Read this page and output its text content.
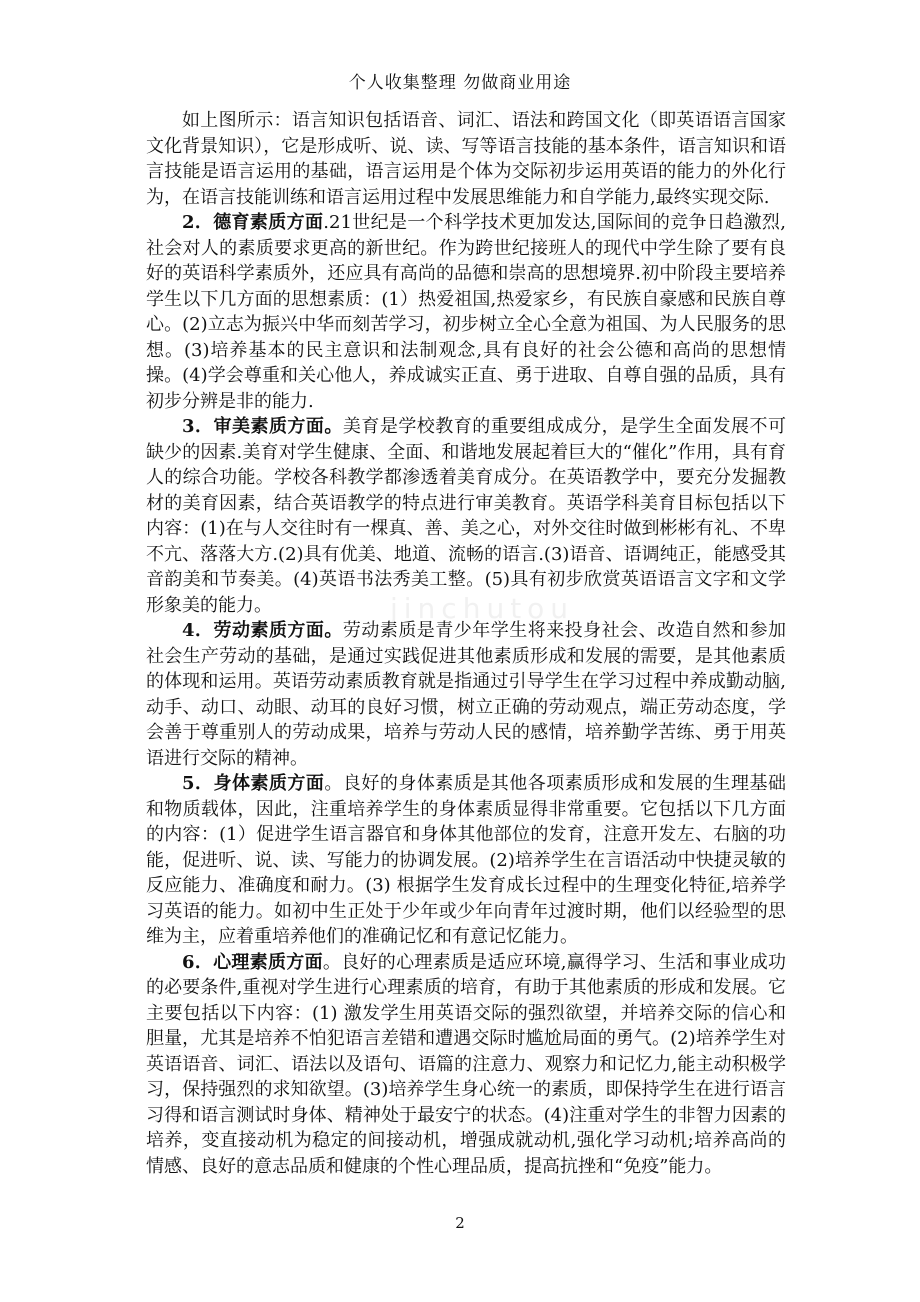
个人收集整理 勿做商业用途
jinchutou

如上图所示：语言知识包括语音、词汇、语法和跨国文化（即英语语言国家文化背景知识），它是形成听、说、读、写等语言技能的基本条件，语言知识和语言技能是语言运用的基础，语言运用是个体为交际初步运用英语的能力的外化行为，在语言技能训练和语言运用过程中发展思维能力和自学能力,最终实现交际.

2．德育素质方面.21世纪是一个科学技术更加发达,国际间的竞争日趋激烈,社会对人的素质要求更高的新世纪。作为跨世纪接班人的现代中学生除了要有良好的英语科学素质外，还应具有高尚的品德和崇高的思想境界.初中阶段主要培养学生以下几方面的思想素质：(1）热爱祖国,热爱家乡，有民族自豪感和民族自尊心。(2)立志为振兴中华而刻苦学习，初步树立全心全意为祖国、为人民服务的思想。(3)培养基本的民主意识和法制观念,具有良好的社会公德和高尚的思想情操。(4)学会尊重和关心他人，养成诚实正直、勇于进取、自尊自强的品质，具有初步分辨是非的能力.

3．审美素质方面。美育是学校教育的重要组成成分，是学生全面发展不可缺少的因素.美育对学生健康、全面、和谐地发展起着巨大的“催化”作用，具有育人的综合功能。学校各科教学都渗透着美育成分。在英语教学中，要充分发掘教材的美育因素，结合英语教学的特点进行审美教育。英语学科美育目标包括以下内容：(1)在与人交往时有一棵真、善、美之心，对外交往时做到彬彬有礼、不卑不亢、落落大方.(2)具有优美、地道、流畅的语言.(3)语音、语调纯正，能感受其音韵美和节奏美。(4)英语书法秀美工整。(5)具有初步欣赏英语语言文字和文学形象美的能力。

4．劳动素质方面。劳动素质是青少年学生将来投身社会、改造自然和参加社会生产劳动的基础，是通过实践促进其他素质形成和发展的需要，是其他素质的体现和运用。英语劳动素质教育就是指通过引导学生在学习过程中养成勤动脑,动手、动口、动眼、动耳的良好习惯，树立正确的劳动观点，端正劳动态度，学会善于尊重别人的劳动成果，培养与劳动人民的感情，培养勤学苦练、勇于用英语进行交际的精神。

5．身体素质方面。良好的身体素质是其他各项素质形成和发展的生理基础和物质载体，因此，注重培养学生的身体素质显得非常重要。它包括以下几方面的内容：(1）促进学生语言器官和身体其他部位的发育，注意开发左、右脑的功能，促进听、说、读、写能力的协调发展。(2)培养学生在言语活动中快捷灵敏的反应能力、准确度和耐力。(3) 根据学生发育成长过程中的生理变化特征,培养学习英语的能力。如初中生正处于少年或少年向青年过渡时期，他们以经验型的思维为主，应着重培养他们的准确记忆和有意记忆能力。

6．心理素质方面。良好的心理素质是适应环境,赢得学习、生活和事业成功的必要条件,重视对学生进行心理素质的培育，有助于其他素质的形成和发展。它主要包括以下内容：(1) 激发学生用英语交际的强烈欲望，并培养交际的信心和胆量，尤其是培养不怕犯语言差错和遭遇交际时尴尬局面的勇气。(2)培养学生对英语语音、词汇、语法以及语句、语篇的注意力、观察力和记忆力,能主动积极学习，保持强烈的求知欲望。(3)培养学生身心统一的素质，即保持学生在进行语言习得和语言测试时身体、精神处于最安宁的状态。(4)注重对学生的非智力因素的培养，变直接动机为稳定的间接动机，增强成就动机,强化学习动机;培养高尚的情感、良好的意志品质和健康的个性心理品质，提高抗挫和“免疫”能力。

2
